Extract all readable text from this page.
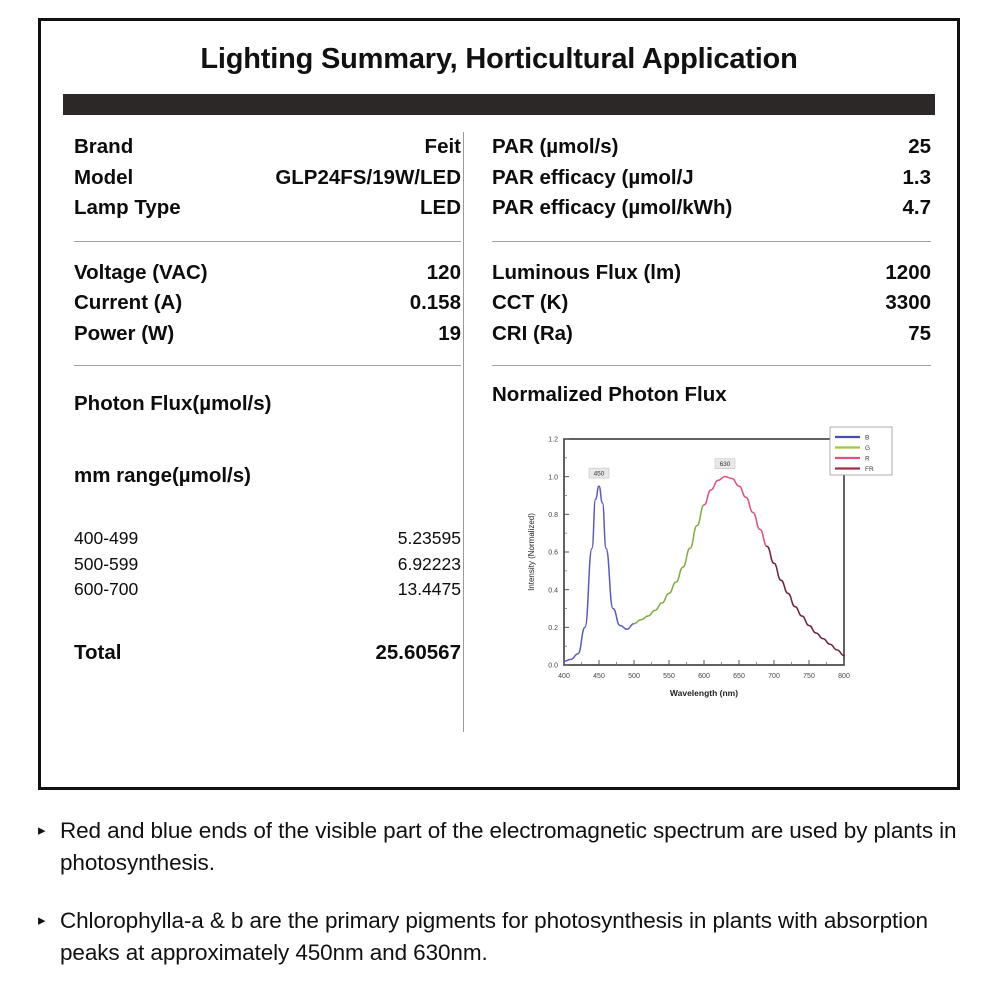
Lighting Summary, Horticultural Application
Brand	Feit
Model	GLP24FS/19W/LED
Lamp Type	LED
Voltage (VAC)	120
Current (A)	0.158
Power (W)	19
Photon Flux(µmol/s)
mm range(µmol/s)
400-499	5.23595
500-599	6.92223
600-700	13.4475
Total	25.60567
PAR (µmol/s)	25
PAR efficacy (µmol/J	1.3
PAR efficacy (µmol/kWh)	4.7
Luminous Flux (lm)	1200
CCT (K)	3300
CRI (Ra)	75
Normalized Photon Flux
400	450	500	550	600	650	700	750	800
0.0
0.2
0.4
0.6
0.8
1.0
1.2
Wavelength (nm)
Intensity (Normalized)
450
630
B
G
R
FR
▸ Red and blue ends of the visible part of the electromagnetic spectrum are used by plants in photosynthesis.
▸ Chlorophylla-a & b are the primary pigments for photosynthesis in plants with absorption peaks at approximately 450nm and 630nm.
